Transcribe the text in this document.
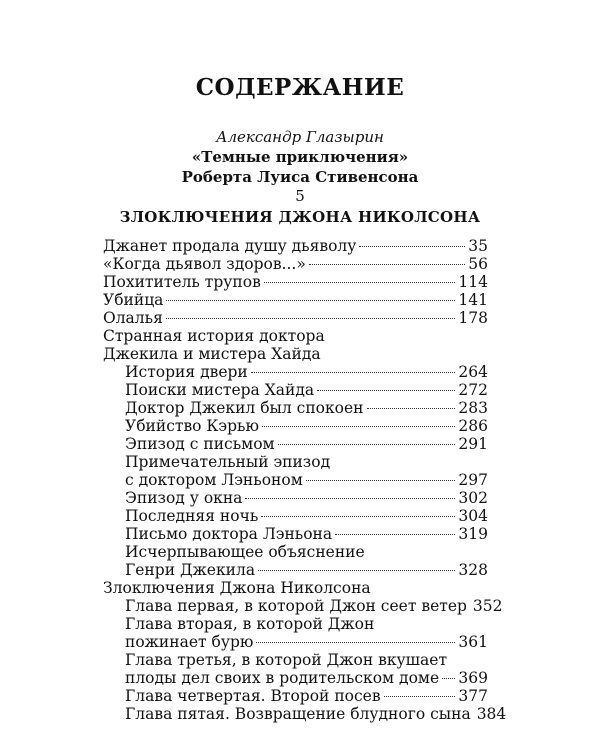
СОДЕРЖАНИЕ
Александр Глазырин
«Темные приключения»
Роберта Луиса Стивенсона
5
ЗЛОКЛЮЧЕНИЯ ДЖОНА НИКОЛСОНА
Джанет продала душу дьяволу	35
«Когда дьявол здоров...»	56
Похититель трупов	114
Убийца	141
Олалья	178
Странная история доктора
Джекила и мистера Хайда
История двери	264
Поиски мистера Хайда	272
Доктор Джекил был спокоен	283
Убийство Кэрью	286
Эпизод с письмом	291
Примечательный эпизод
с доктором Лэньоном	297
Эпизод у окна	302
Последняя ночь	304
Письмо доктора Лэньона	319
Исчерпывающее объяснение
Генри Джекила	328
Злоключения Джона Николсона
Глава первая, в которой Джон сеет ветер 352
Глава вторая, в которой Джон
пожинает бурю	361
Глава третья, в которой Джон вкушает
плоды дел своих в родительском доме 369
Глава четвертая. Второй посев	377
Глава пятая. Возвращение блудного сына 384
